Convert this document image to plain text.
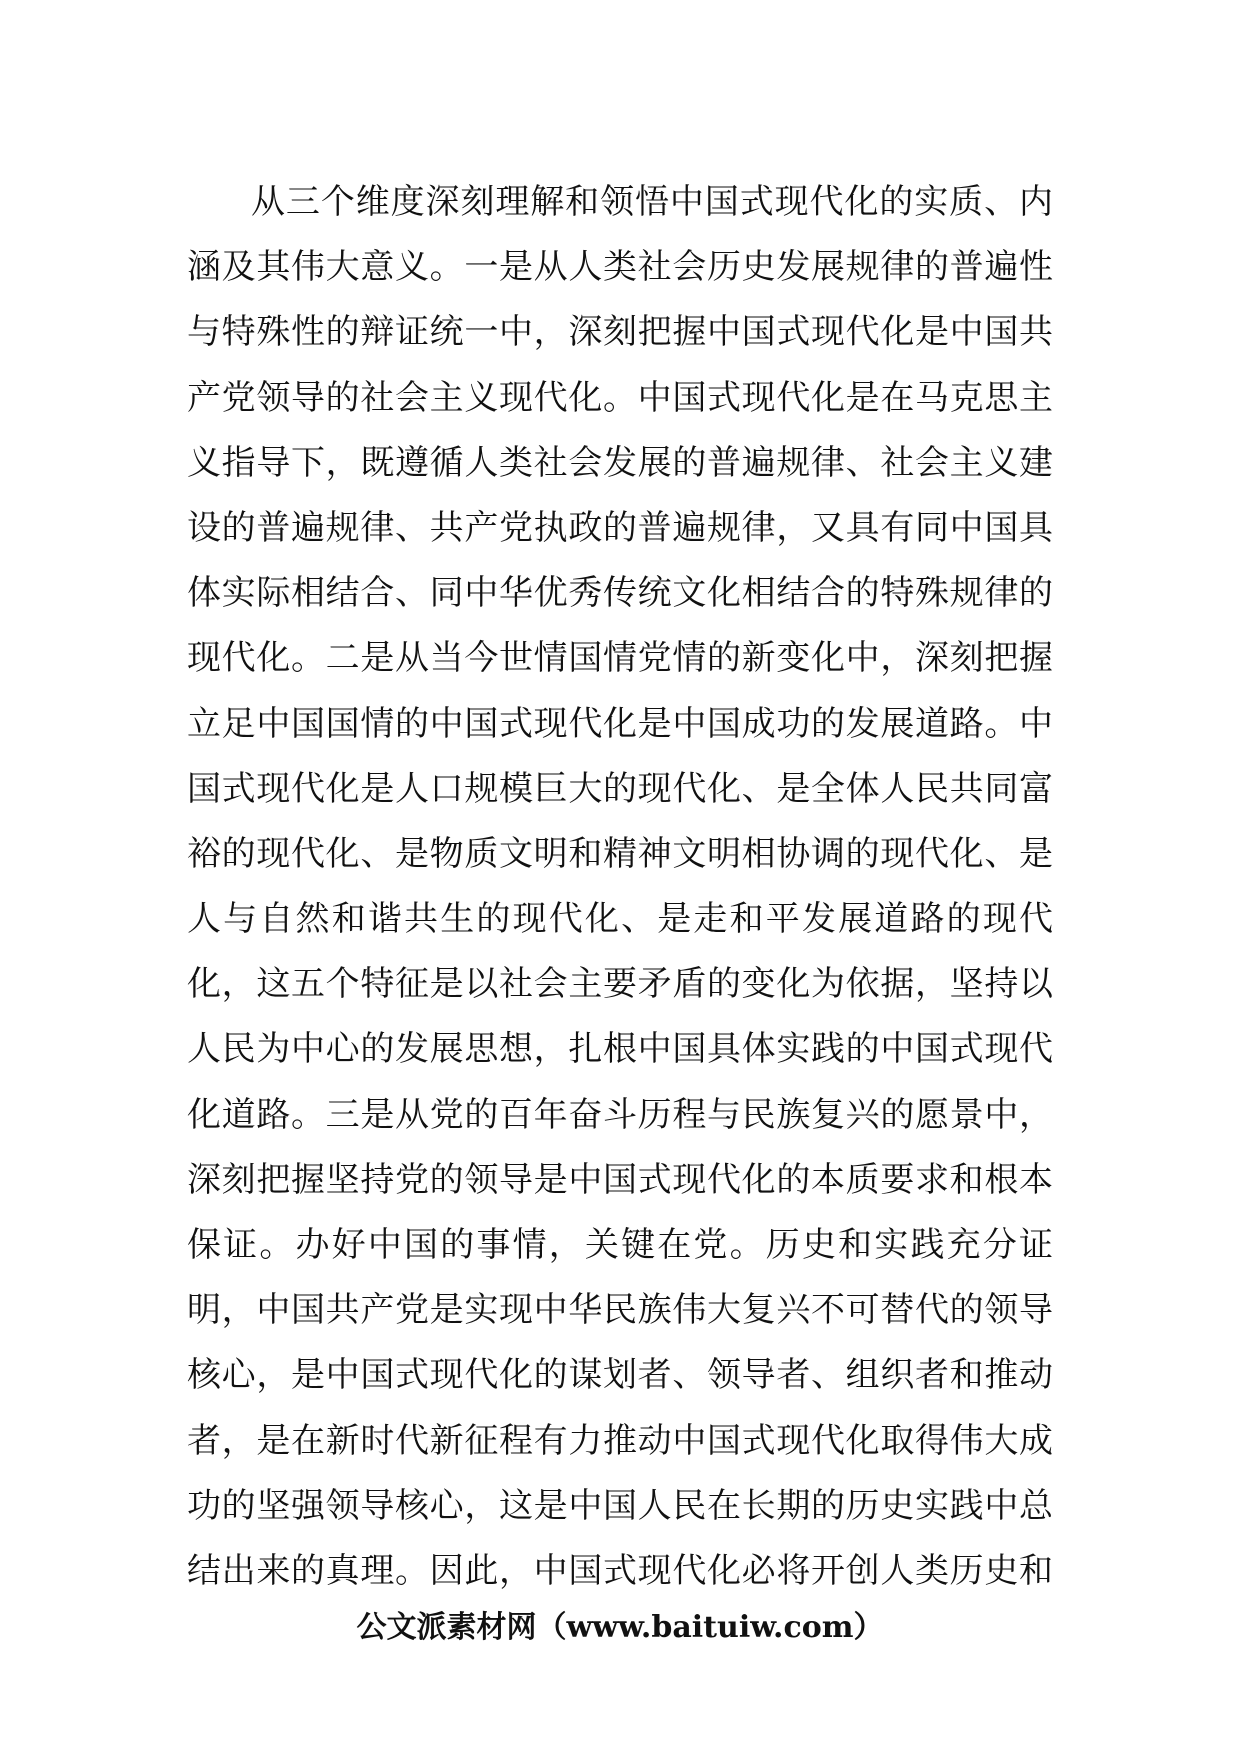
从三个维度深刻理解和领悟中国式现代化的实质、内
涵及其伟大意义。一是从人类社会历史发展规律的普遍性
与特殊性的辩证统一中，深刻把握中国式现代化是中国共
产党领导的社会主义现代化。中国式现代化是在马克思主
义指导下，既遵循人类社会发展的普遍规律、社会主义建
设的普遍规律、共产党执政的普遍规律，又具有同中国具
体实际相结合、同中华优秀传统文化相结合的特殊规律的
现代化。二是从当今世情国情党情的新变化中，深刻把握
立足中国国情的中国式现代化是中国成功的发展道路。中
国式现代化是人口规模巨大的现代化、是全体人民共同富
裕的现代化、是物质文明和精神文明相协调的现代化、是
人与自然和谐共生的现代化、是走和平发展道路的现代
化，这五个特征是以社会主要矛盾的变化为依据，坚持以
人民为中心的发展思想，扎根中国具体实践的中国式现代
化道路。三是从党的百年奋斗历程与民族复兴的愿景中，
深刻把握坚持党的领导是中国式现代化的本质要求和根本
保证。办好中国的事情，关键在党。历史和实践充分证
明，中国共产党是实现中华民族伟大复兴不可替代的领导
核心，是中国式现代化的谋划者、领导者、组织者和推动
者，是在新时代新征程有力推动中国式现代化取得伟大成
功的坚强领导核心，这是中国人民在长期的历史实践中总
结出来的真理。因此，中国式现代化必将开创人类历史和
公文派素材网（www.baituiw.com）
